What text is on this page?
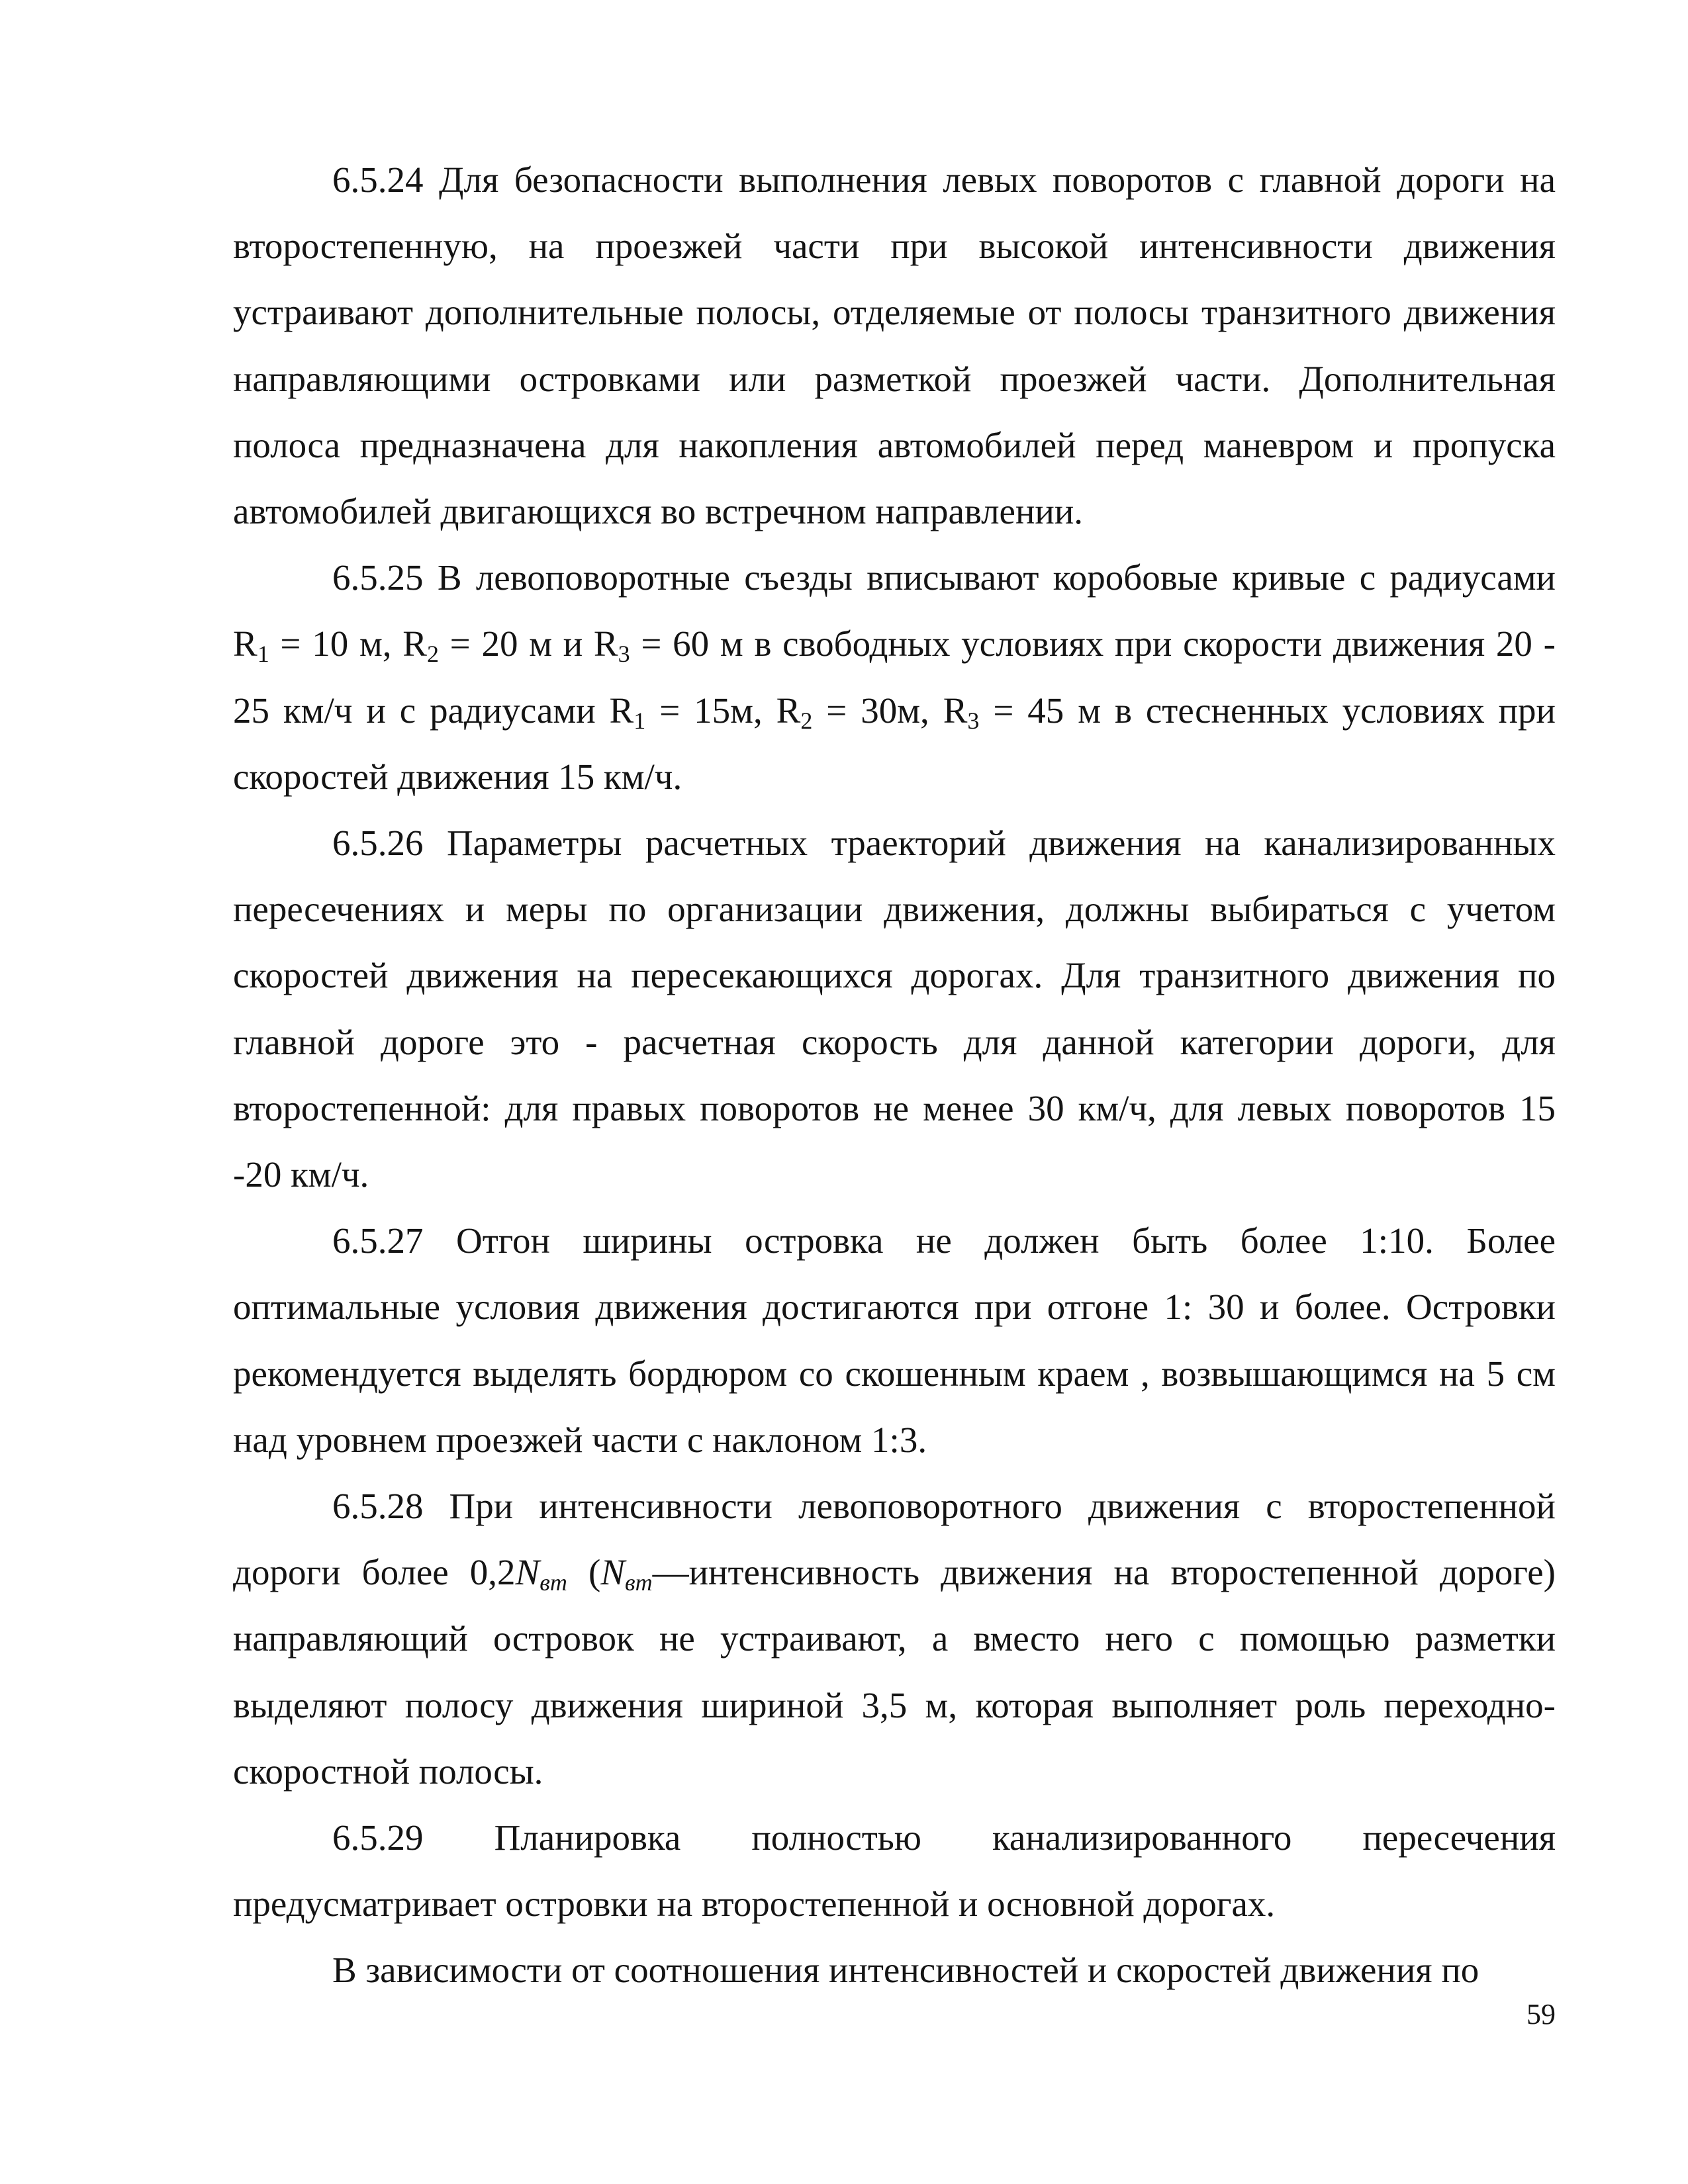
6.5.24 Для безопасности выполнения левых поворотов с главной дороги на второстепенную, на проезжей части при высокой интенсивности движения устраивают дополнительные полосы, отделяемые от полосы транзитного движения направляющими островками или разметкой проезжей части. Дополнительная полоса предназначена для накопления автомобилей перед маневром и пропуска автомобилей двигающихся во встречном направлении.

6.5.25 В левоповоротные съезды вписывают коробовые кривые с радиусами $R_1 = 10$ м, $R_2 = 20$ м и $R_3 = 60$ м в свободных условиях при скорости движения 20 - 25 км/ч и с радиусами $R_1 = 15м$, $R_2 = 30м$, $R_3 = 45$ м в стесненных условиях при скоростей движения 15 км/ч.

6.5.26 Параметры расчетных траекторий движения на канализированных пересечениях и меры по организации движения, должны выбираться с учетом скоростей движения на пересекающихся дорогах. Для транзитного движения по главной дороге это - расчетная скорость для данной категории дороги, для второстепенной: для правых поворотов не менее 30 км/ч, для левых поворотов 15 -20 км/ч.

6.5.27 Отгон ширины островка не должен быть более 1:10. Более оптимальные условия движения достигаются при отгоне 1: 30 и более. Островки рекомендуется выделять бордюром со скошенным краем , возвышающимся на 5 см над уровнем проезжей части с наклоном 1:3.

6.5.28 При интенсивности левоповоротного движения с второстепенной дороги более $0,2N_{вт}$ ($N_{вт}—интенсивность$ движения на второстепенной дороге) направляющий островок не устраивают, а вместо него с помощью разметки выделяют полосу движения шириной 3,5 м, которая выполняет роль переходно-скоростной полосы.

6.5.29 Планировка полностью канализированного пересечения предусматривает островки на второстепенной и основной дорогах.

В зависимости от соотношения интенсивностей и скоростей движения по

59
